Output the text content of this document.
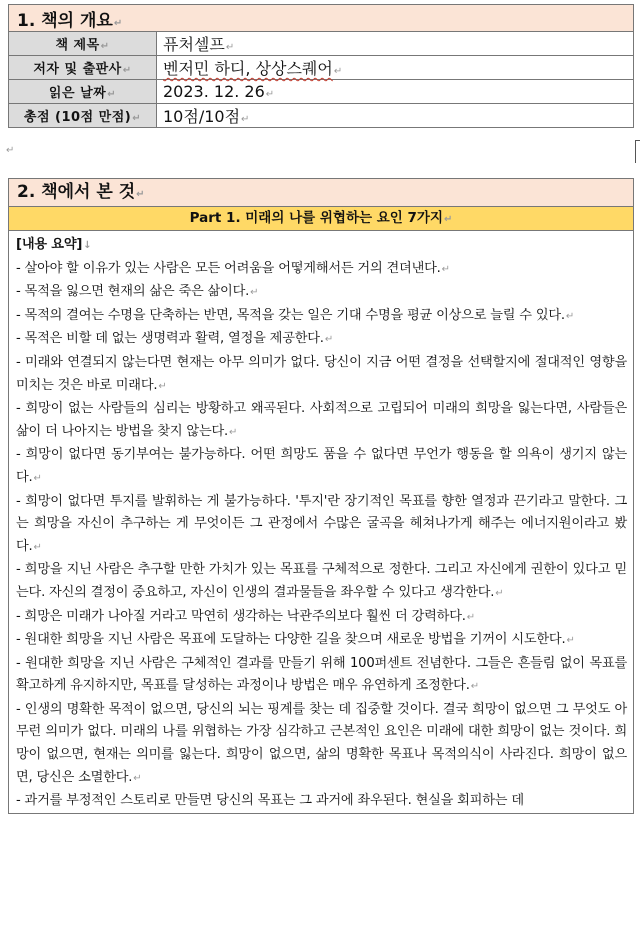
1. 책의 개요↵	
책 제목↵	퓨처셀프↵
저자 및 출판사↵	벤저민 하디, 상상스퀘어↵
읽은 날짜↵	2023. 12. 26↵
총점 (10점 만점)↵	10점/10점↵
↵
2. 책에서 본 것↵
Part 1. 미래의 나를 위협하는 요인 7가지↵

[내용 요약]↓

- 살아야 할 이유가 있는 사람은 모든 어려움을 어떻게해서든 거의 견뎌낸다.↵

- 목적을 잃으면 현재의 삶은 죽은 삶이다.↵

- 목적의 결여는 수명을 단축하는 반면, 목적을 갖는 일은 기대 수명을 평균 이상으로 늘릴 수 있다.↵

- 목적은 비할 데 없는 생명력과 활력, 열정을 제공한다.↵

- 미래와 연결되지 않는다면 현재는 아무 의미가 없다. 당신이 지금 어떤 결정을 선택할지에 절대적인 영향을 미치는 것은 바로 미래다.↵

- 희망이 없는 사람들의 심리는 방황하고 왜곡된다. 사회적으로 고립되어 미래의 희망을 잃는다면, 사람들은 삶이 더 나아지는 방법을 찾지 않는다.↵

- 희망이 없다면 동기부여는 불가능하다. 어떤 희망도 품을 수 없다면 무언가 행동을 할 의욕이 생기지 않는다.↵

- 희망이 없다면 투지를 발휘하는 게 불가능하다. '투지'란 장기적인 목표를 향한 열정과 끈기라고 말한다. 그는 희망을 자신이 추구하는 게 무엇이든 그 관정에서 수많은 굴곡을 헤쳐나가게 해주는 에너지원이라고 봤다.↵

- 희망을 지닌 사람은 추구할 만한 가치가 있는 목표를 구체적으로 정한다. 그리고 자신에게 권한이 있다고 믿는다. 자신의 결정이 중요하고, 자신이 인생의 결과물들을 좌우할 수 있다고 생각한다.↵

- 희망은 미래가 나아질 거라고 막연히 생각하는 낙관주의보다 훨씬 더 강력하다.↵

- 원대한 희망을 지닌 사람은 목표에 도달하는 다양한 길을 찾으며 새로운 방법을 기꺼이 시도한다.↵

- 원대한 희망을 지닌 사람은 구체적인 결과를 만들기 위해 100퍼센트 전념한다. 그들은 흔들림 없이 목표를 확고하게 유지하지만, 목표를 달성하는 과정이나 방법은 매우 유연하게 조정한다.↵

- 인생의 명확한 목적이 없으면, 당신의 뇌는 핑계를 찾는 데 집중할 것이다. 결국 희망이 없으면 그 무엇도 아무런 의미가 없다. 미래의 나를 위협하는 가장 심각하고 근본적인 요인은 미래에 대한 희망이 없는 것이다. 희망이 없으면, 현재는 의미를 잃는다. 희망이 없으면, 삶의 명확한 목표나 목적의식이 사라진다. 희망이 없으면, 당신은 소멸한다.↵

- 과거를 부정적인 스토리로 만들면 당신의 목표는 그 과거에 좌우된다. 현실을 회피하는 데
